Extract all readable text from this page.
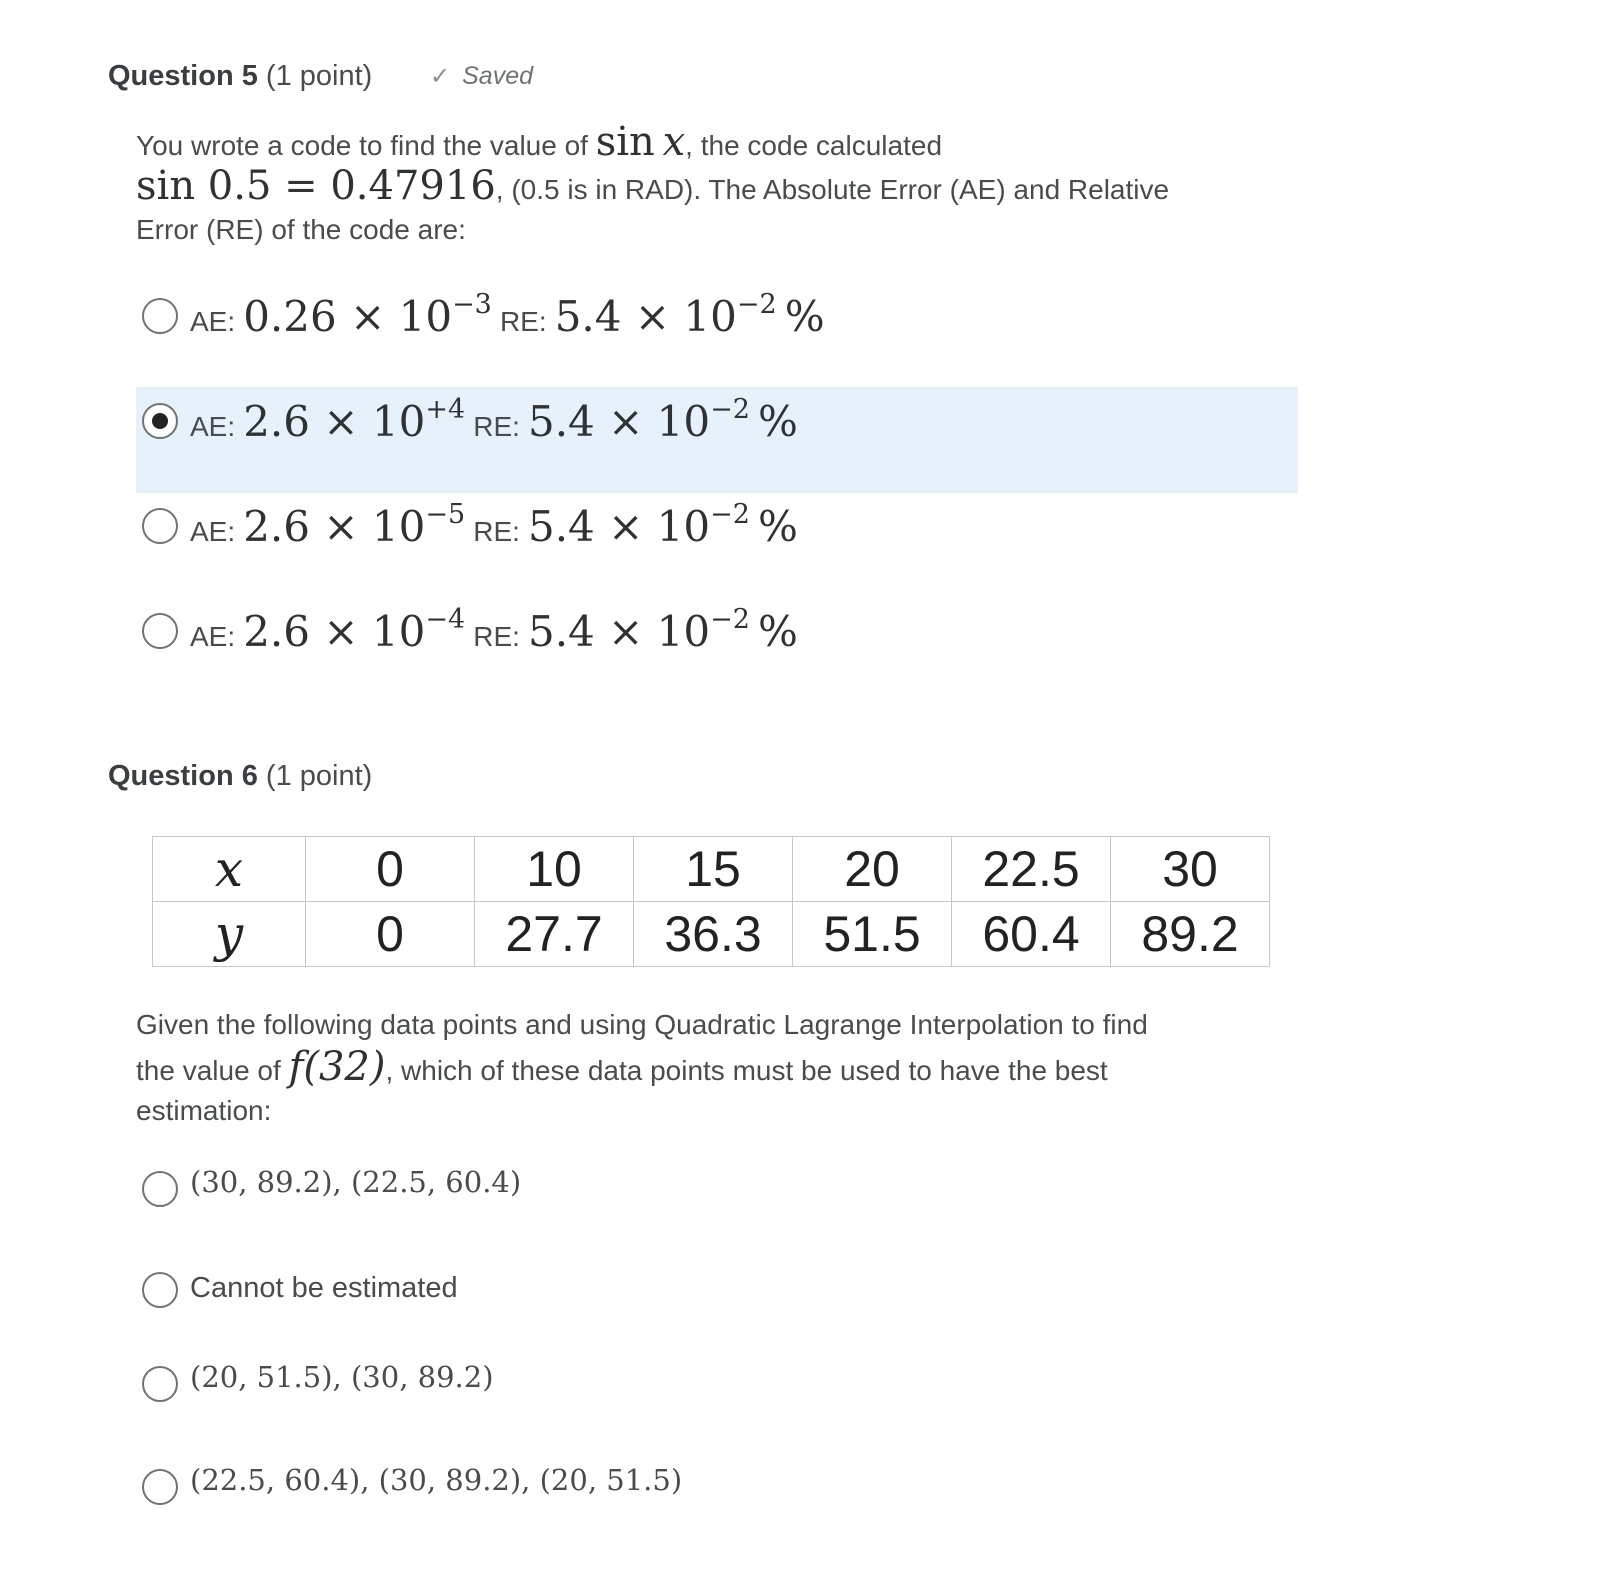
Question 5 (1 point) ✓ Saved
You wrote a code to find the value of sin x, the code calculated
sin 0.5 = 0.47916, (0.5 is in RAD). The Absolute Error (AE) and Relative
Error (RE) of the code are:
AE: $0.26 \times 10^{-3}$ RE: $5.4 \times 10^{-2}$ %
AE: $2.6 \times 10^{+4}$ RE: $5.4 \times 10^{-2}$ %
AE: $2.6 \times 10^{-5}$ RE: $5.4 \times 10^{-2}$ %
AE: $2.6 \times 10^{-4}$ RE: $5.4 \times 10^{-2}$ %
Question 6 (1 point)
x	0	10	15	20	22.5	30
y	0	27.7	36.3	51.5	60.4	89.2
Given the following data points and using Quadratic Lagrange Interpolation to find
the value of f(32), which of these data points must be used to have the best
estimation:
(30, 89.2), (22.5, 60.4)
Cannot be estimated
(20, 51.5), (30, 89.2)
(22.5, 60.4), (30, 89.2), (20, 51.5)
